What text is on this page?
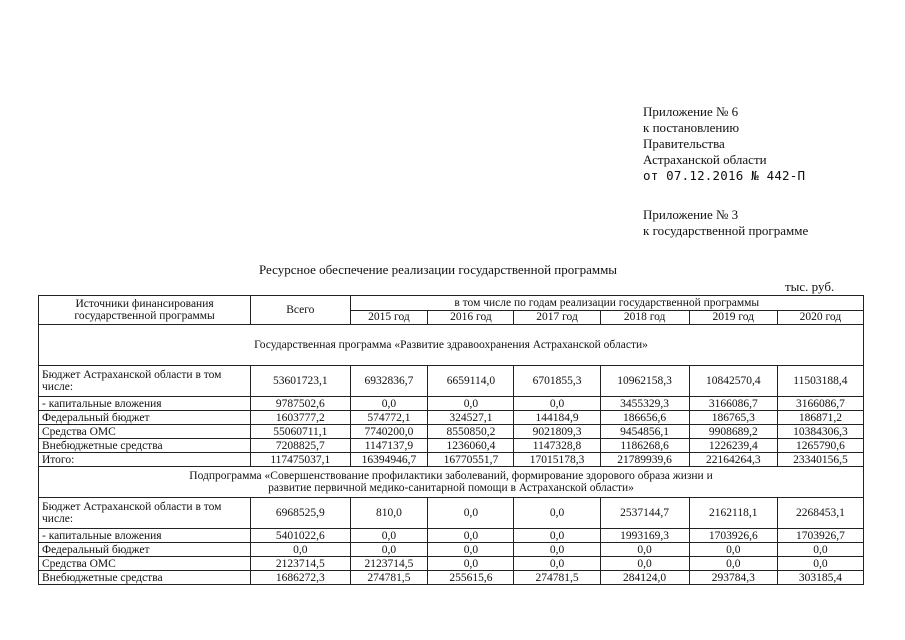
Приложение № 6
к постановлению
Правительства
Астраханской области
от 07.12.2016 № 442-П
Приложение № 3
к государственной программе
Ресурсное обеспечение реализации государственной программы
тыс. руб.
Источники финансирования государственной программы	Всего	в том числе по годам реализации государственной программы					
		2015 год	2016 год	2017 год	2018 год	2019 год	2020 год
Государственная программа «Развитие здравоохранения Астраханской области»							
Бюджет Астраханской области в том числе:	53601723,1	6932836,7	6659114,0	6701855,3	10962158,3	10842570,4	11503188,4
- капитальные вложения	9787502,6	0,0	0,0	0,0	3455329,3	3166086,7	3166086,7
Федеральный бюджет	1603777,2	574772,1	324527,1	144184,9	186656,6	186765,3	186871,2
Средства ОМС	55060711,1	7740200,0	8550850,2	9021809,3	9454856,1	9908689,2	10384306,3
Внебюджетные средства	7208825,7	1147137,9	1236060,4	1147328,8	1186268,6	1226239,4	1265790,6
Итого:	117475037,1	16394946,7	16770551,7	17015178,3	21789939,6	22164264,3	23340156,5

Подпрограмма «Совершенствование профилактики заболеваний, формирование здорового образа жизни и
развитие первичной медико-санитарной помощи в Астраханской области»							

Бюджет Астраханской области в том числе:	6968525,9	810,0	0,0	0,0	2537144,7	2162118,1	2268453,1
- капитальные вложения	5401022,6	0,0	0,0	0,0	1993169,3	1703926,6	1703926,7
Федеральный бюджет	0,0	0,0	0,0	0,0	0,0	0,0	0,0
Средства ОМС	2123714,5	2123714,5	0,0	0,0	0,0	0,0	0,0
Внебюджетные средства	1686272,3	274781,5	255615,6	274781,5	284124,0	293784,3	303185,4
